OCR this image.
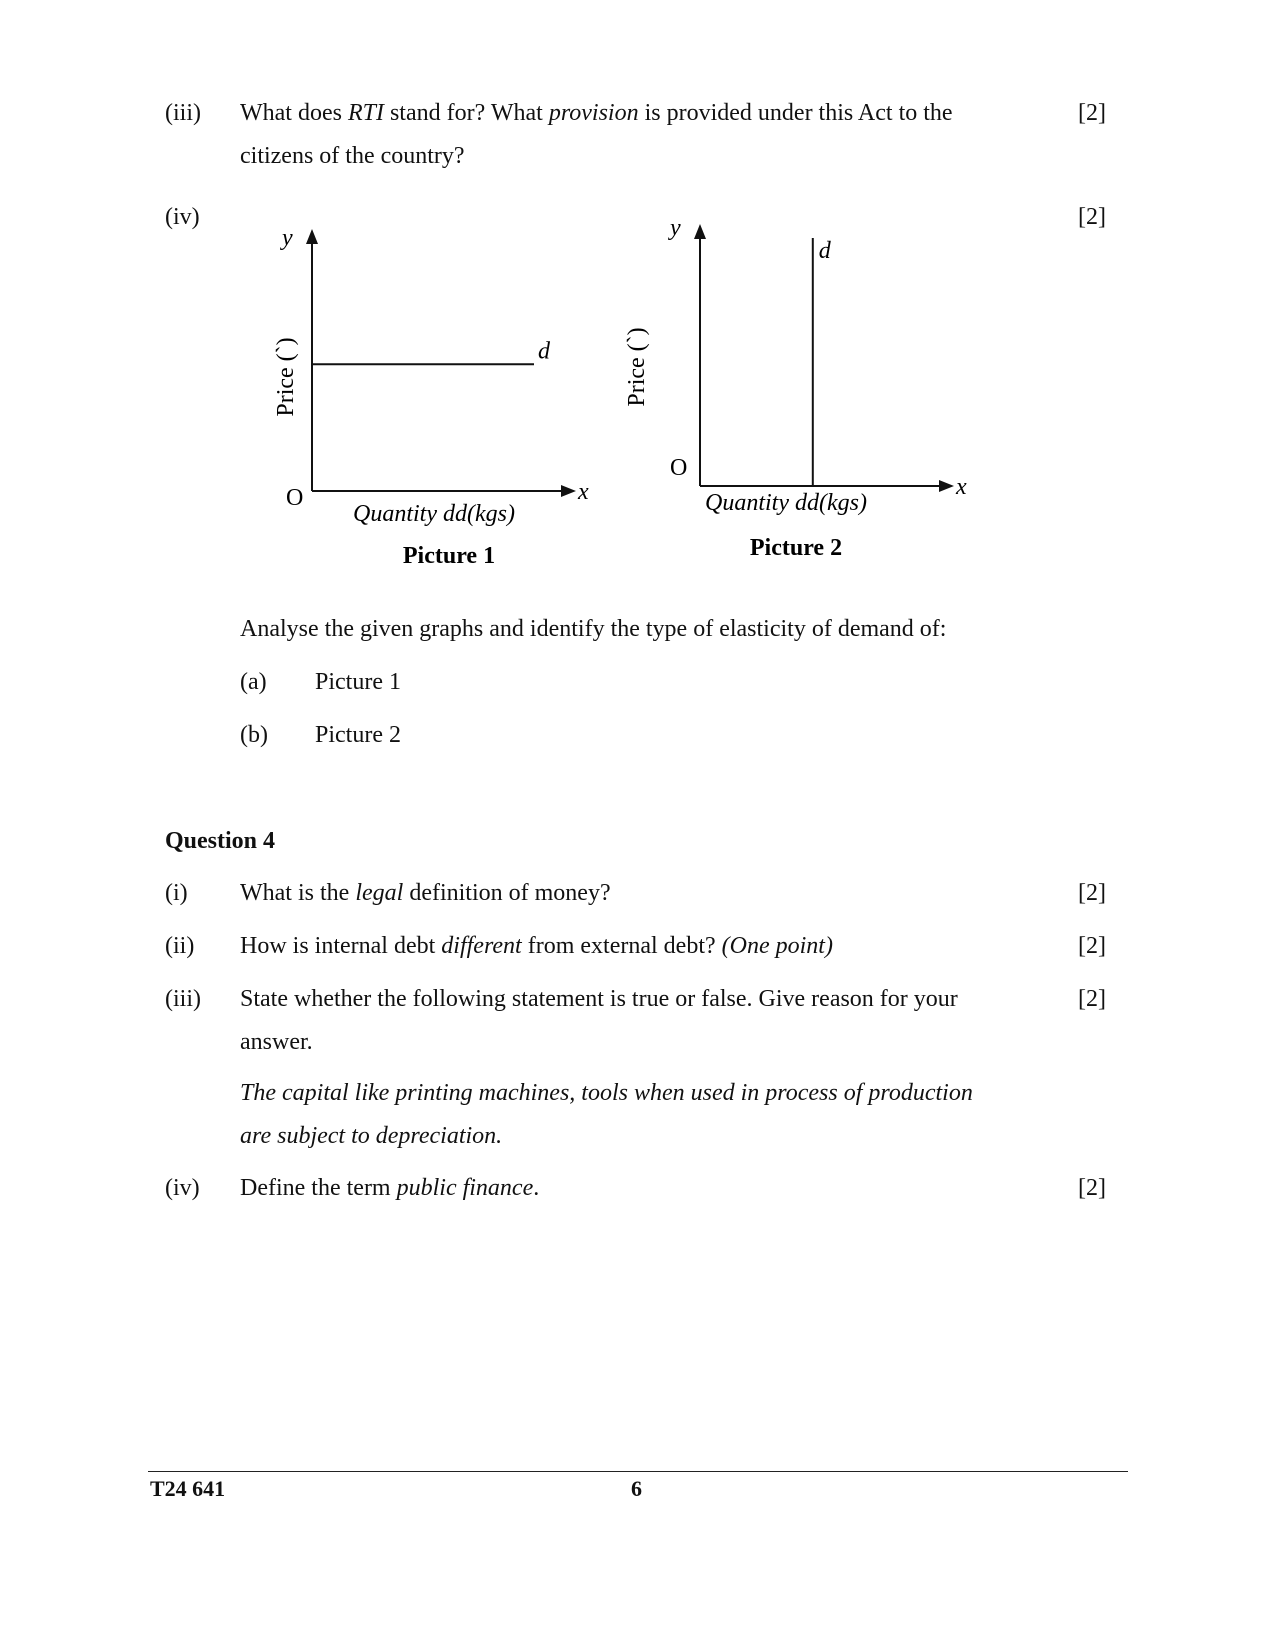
(iii) What does RTI stand for? What provision is provided under this Act to the
citizens of the country?
[2]
(iv)	[2]
y
x
O
d
Price (`)
Quantity dd(kgs)
Picture 1
y
x
O
d
Price (`)
Quantity dd(kgs)
Picture 2
Analyse the given graphs and identify the type of elasticity of demand of:
(a) Picture 1
(b) Picture 2
Question 4
(i) What is the legal definition of money?	[2]
(ii) How is internal debt different from external debt? (One point)	[2]
(iii) State whether the following statement is true or false. Give reason for your
answer.
The capital like printing machines, tools when used in process of production
are subject to depreciation.
[2]
(iv) Define the term public finance.	[2]
T24 641	6
